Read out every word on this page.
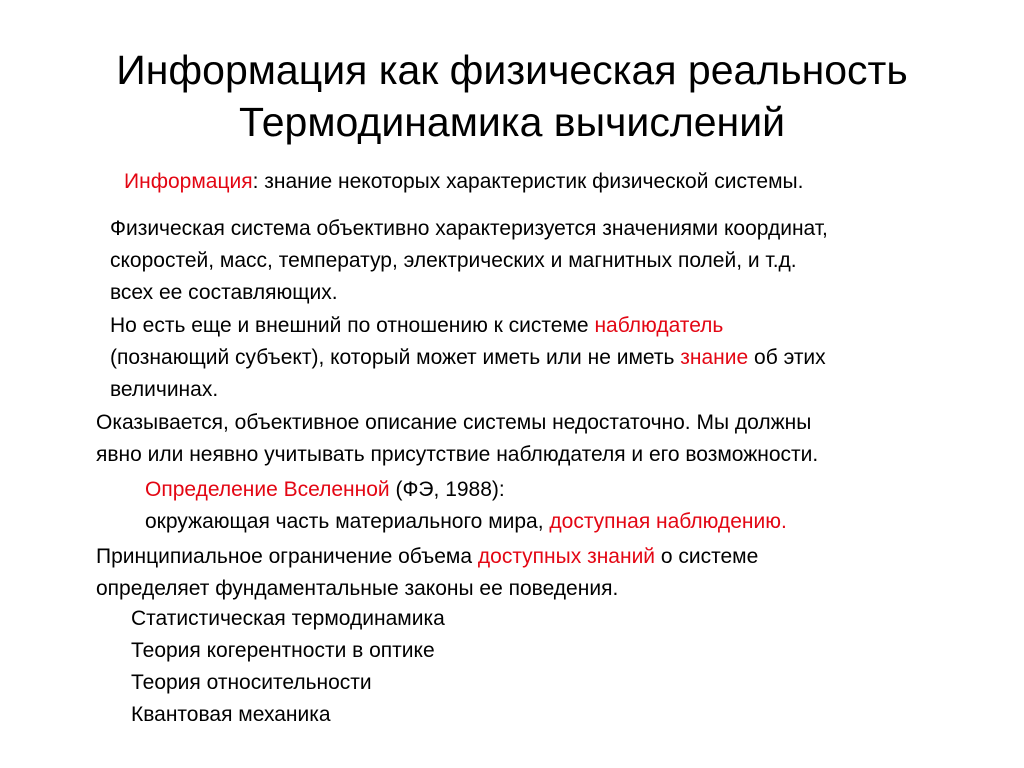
Информация как физическая реальность
Термодинамика вычислений

Информация: знание некоторых характеристик физической системы.

Физическая система объективно характеризуется значениями координат,
скоростей, масс, температур, электрических и магнитных полей, и т.д.
всех ее составляющих.

Но есть еще и внешний по отношению к системе наблюдатель
(познающий субъект), который может иметь или не иметь знание об этих
величинах.

Оказывается, объективное описание системы недостаточно. Мы должны
явно или неявно учитывать присутствие наблюдателя и его возможности.

Определение Вселенной (ФЭ, 1988):
окружающая часть материального мира, доступная наблюдению.

Принципиальное ограничение объема доступных знаний о системе
определяет фундаментальные законы ее поведения.

Статистическая термодинамика
Теория когерентности в оптике
Теория относительности
Квантовая механика
